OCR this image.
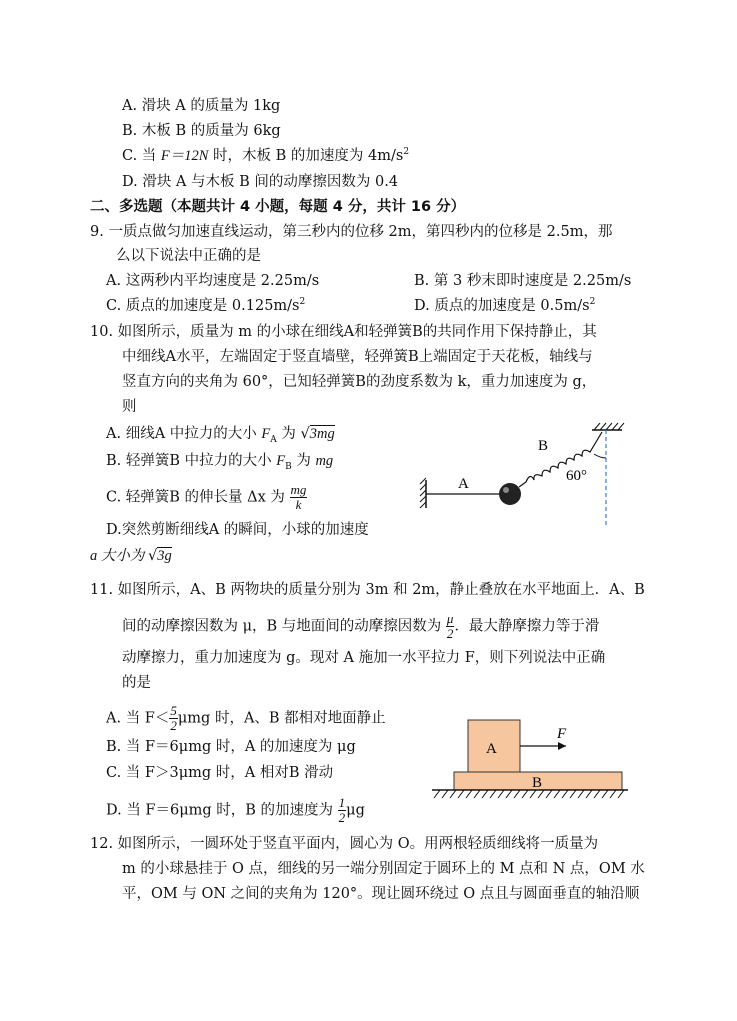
A. 滑块 A 的质量为 1kg
B. 木板 B 的质量为 6kg
C. 当 F＝12N 时，木板 B 的加速度为 $4m/s^2$
D. 滑块 A 与木板 B 间的动摩擦因数为 0.4
二、多选题（本题共计 4 小题，每题 4 分，共计 16 分）
9. 一质点做匀加速直线运动，第三秒内的位移 2m，第四秒内的位移是 2.5m，那
么以下说法中正确的是
A. 这两秒内平均速度是 2.25m/s	B. 第 3 秒末即时速度是 2.25m/s
C. 质点的加速度是 $0.125m/s^2$	D. 质点的加速度是 $0.5m/s^2$
10. 如图所示，质量为 m 的小球在细线A和轻弹簧B的共同作用下保持静止，其
中细线A水平，左端固定于竖直墙壁，轻弹簧B上端固定于天花板，轴线与
竖直方向的夹角为 60°，已知轻弹簧B的劲度系数为 k，重力加速度为 g，
则
A. 细线A 中拉力的大小 $F_A$ 为 √3mg
B. 轻弹簧B 中拉力的大小 $F_B$ 为 mg
C. 轻弹簧B 的伸长量 Δx 为 $\frac{mg}{k}$
D.突然剪断细线A 的瞬间，小球的加速度
a 大小为 √3g
A
B
60°
11. 如图所示，A、B 两物块的质量分别为 3m 和 2m，静止叠放在水平地面上．A、B
间的动摩擦因数为 μ，B 与地面间的动摩擦因数为 $\frac{\mu}{2}$ ．最大静摩擦力等于滑
动摩擦力，重力加速度为 g。现对 A 施加一水平拉力 F，则下列说法中正确
的是
A. 当 $F< \frac{5}{2}$ μmg 时，A、B 都相对地面静止
B. 当 F＝6μmg 时，A 的加速度为 μg
C. 当 F＞3μmg 时，A 相对B 滑动
D. 当 F＝6μmg 时，B 的加速度为 $\frac{1}{2}$ μg
A
F
B
12. 如图所示，一圆环处于竖直平面内，圆心为 O。用两根轻质细线将一质量为
m 的小球悬挂于 O 点，细线的另一端分别固定于圆环上的 M 点和 N 点，OM 水
平，OM 与 ON 之间的夹角为 120°。现让圆环绕过 O 点且与圆面垂直的轴沿顺
